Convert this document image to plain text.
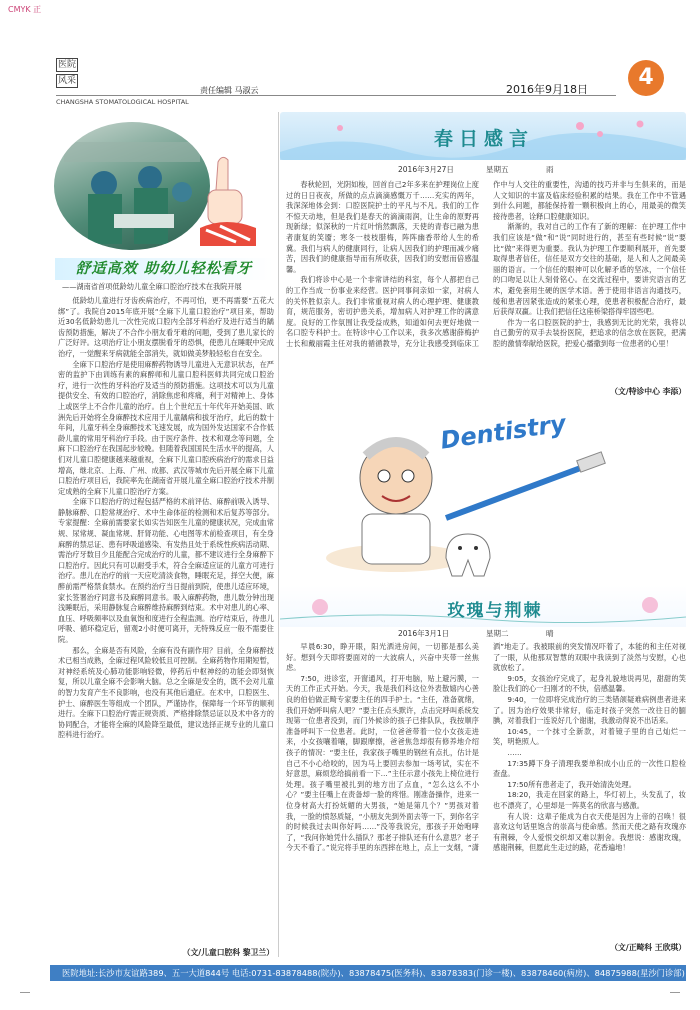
CMYK 正
医院
风采
CHANGSHA STOMATOLOGICAL HOSPITAL
责任编辑 马淑云	2016年9月18日	4
舒适高效 助幼儿轻松看牙
——湖南省首项低龄幼儿童全麻口腔治疗技术在我院开展

低龄幼儿童进行牙齿疾病治疗，不再可怕，更不再需要“五花大绑”了。我院自2015年底开展“全麻下儿童口腔治疗”项目来，帮助近30名低龄幼患儿一次性完成口腔内全部牙科治疗及进行适当的龋齿预防措施，解决了不合作小朋友看牙难的问题，受到了患儿家长的广泛好评。这项治疗让小朋友摆脱看牙的恐惧，使患儿在睡眠中完成治疗，一觉醒来牙病就能全部消失，就如做美梦般轻松自在安全。

全麻下口腔治疗是使用麻醉药物诱导儿童进入无意识状态，在严密的监护下由训练有素的麻醉师和儿童口腔科医师共同完成口腔治疗，进行一次性的牙科治疗及适当的预防措施。这项技术可以为儿童提供安全、有效的口腔治疗，消除焦虑和疼痛，利于对精神上、身体上或医学上不合作儿童的治疗。自上个世纪五十年代年开始美国、欧洲先后开始将全身麻醉技术应用于儿童龋病和拔牙治疗，此后的数十年间，儿童牙科全身麻醉技术飞速发展，成为国外发达国家不合作低龄儿童的常用牙科治疗手段。由于医疗条件、技术和观念等问题，全麻下口腔治疗在我国起步较晚。但随着我国国民生活水平的提高，人们对儿童口腔健康越来越重视，全麻下儿童口腔疾病治疗的需求日益增高，继北京、上海、广州、成都、武汉等城市先后开展全麻下儿童口腔治疗项目后，我院率先在湖南省开展儿童全麻口腔治疗技术并制定成熟的全麻下儿童口腔治疗方案。

全麻下口腔治疗的过程包括严格的术前评估、麻醉前吸入诱导、静脉麻醉、口腔常规治疗、术中生命体征的检测和术后复苏等部分。专家提醒：全麻前需要家长如实告知医生儿童的健康状况，完成血常规、尿常规、凝血常规、肝肾功能、心电图等术前检查项目，有全身麻醉的禁忌证、患有呼吸道感染、有发热且处于系统性疾病活动期、需治疗牙数目少且能配合完成治疗的儿童，都不建议进行全身麻醉下口腔治疗。因此只有可以耐受手术，符合全麻适应证的儿童方可进行治疗。患儿在治疗的前一天应吃清淡食物，睡眠充足，择空大便，麻醉前需严格禁食禁水。在预约治疗当日提前到院，使患儿适应环境，家长签署治疗同意书及麻醉同意书。吸入麻醉药物，患儿数分钟出现浅睡眠后，采用静脉复合麻醉维持麻醉到结束。术中对患儿的心率、血压、呼吸频率以及血氧饱和度进行全程监测。治疗结束后，待患儿呼吸、循环稳定后，留观2小时便可离开，无特殊反应一般不需要住院。

那么，全麻是否有风险，全麻有没有副作用？目前，全身麻醉技术已相当成熟，全麻过程风险较低且可控制。全麻药物作用期短暂，对神经系统及心肺功能影响轻微，停药后中枢神经的功能会即刻恢复，所以儿童全麻不会影响大脑。总之全麻是安全的，既不会对儿童的智力发育产生不良影响，也没有其他后遗症。在术中，口腔医生、护士、麻醉医生等组成一个团队，严谨协作，保障每一个环节的顺利进行。全麻下口腔治疗需正规资质、严格排除禁忌证以及术中各方的协同配合，才能将全麻的风险降至最低，建议选择正规专业的儿童口腔科进行治疗。

（文/儿童口腔科 黎卫兰）
春日感言
2016年3月27日	星期五	雨

春秋轮回，光阴如梭，回首自己2年多来在护理岗位上度过的日日夜夜，所做的点点滴滴感慨万千……充实的两年，我深深地体会到：口腔医院护士的平凡与不凡。我们的工作不惊天动地，但是我们是春天的滴滴雨润，让生命的原野再现新绿；似深秋的一片红叶悄然飘落，天使的青春已融为患者康复的笑靥；寒冬一枝枝腊梅，阵阵幽香带给人生的希冀。我们与病人的健康同行，让病人因我们的护理而减少痛苦，因我们的健康指导而有所收获，因我们的安慰而倍感温馨。

我们将诊中心是一个非常讲结的科室，每个人都把自己的工作当成一份事业来经营。医护同事间亲如一家，对病人的关怀胜似亲人。我们非常重视对病人的心理护理、健康教育，规范服务，密切护患关系，增加病人对护理工作的满意度。良好的工作氛围让我受益成熟，知道如何去更好地做一名口腔专科护士。在特诊中心工作以来，我多次感谢薛梅护士长和戴丽霞主任对我的循循教导，充分让我感受到临床工作中与人交往的重要性，沟通的技巧并非与生俱来的，而是人文知识的丰富及临床经验积累的结果。我在工作中不管遇到什么问题，都能保持着一颗积极向上的心，用最美的微笑接待患者，诠释口腔健康知识。

渐渐的，我对自己的工作有了新的理解：在护理工作中我们应该是“做”和“说”同时进行的，甚至有些时候“说”要比“做”来得更为重要。我认为护理工作要顺利展开，首先要取得患者信任，信任是双方交往的基础，是人和人之间最美丽的语言。一个信任的眼神可以化解矛盾的坚冰，一个信任的口吻足以让人刻骨铭心。在交流过程中，要讲究语言的艺术，避免套用生硬的医学术语。善于使用非语言沟通技巧，缓和患者因紧张造成的紧张心理，使患者积极配合治疗，最后获得双赢。让我们把信任这座桥梁搭得牢固些吧。

作为一名口腔医院的护士，我感到无比的光荣，我将以自己勤劳的双手去装扮医院，把追求的信念放在医院，把满腔的激情奉献给医院，把爱心播撒到每一位患者的心里！

（文/特诊中心 李添）
Dentistry
玫瑰与荆棘
2016年3月1日	星期二	晴

早晨6:30，睁开眼，阳光洒进房间，一切都是那么美好。想到今天即将要面对的一大波病人，兴奋中夹带一丝焦虑。

7:50，进诊室，开窗通风，打开电脑，贴上避污膜，一天的工作正式开始。今天，我是我们科这位外表散嬉内心善良的伯伯做正畸专家要主任的四手护士。“主任，准备就绪，我们开始呼叫病人吧？”要主任点头默许，点击完呼叫系统发现第一位患者没到，而门外候诊的孩子已排队队，我按顺序准备呼叫下一位患者。此时，一位爸爸带着一位小女孩走进来，小女孩嚷着嚷，脚跟摩擦，爸爸焦急却很有修养地介绍孩子的情况：“要主任，我家孩子嘴里的钢丝有点扎，估计是自己不小心给咬的，因为马上要回去参加一场考试，实在不好意思，麻烦您给搞前看一下…”主任示意小孩先上椅位进行处理。孩子嘴里被扎到的地方出了点血，“怎么这么不小心？”要主任嘴上在责备却一脸的疼惜。刚准备操作，进来一位身材高大打扮妩媚的大男孩，“她是第几个？”男孩对着我，一脸的愤怒质疑，“小朋友先到外面去等一下，到你名字的时候我过去叫你好吗……”没等我说完，那孩子开始咆哮了，“我问你她凭什么插队？那老子排队还有什么意思？老子今天不看了。”说完将手里的东西摔在地上，点上一支烟，“潇洒”地走了。我被眼前的突发情况吓着了，本能的和主任对视了一眼，从他那双智慧的双眼中我读到了淡然与安慰，心也就放松了。

9:05，女孩治疗完成了，起身礼貌地说再见，甜甜的笑脸让我们的心一扫刚才的不快，倍感温馨。

9:40，一位即将完成治疗的三类错颌疑难病例患者进来了。因为治疗效果非常好，临走时孩子突然一改往日的腼腆，对着我们一连说好几个谢谢，我激动得说不出话来。

10:45，一个抹寸全新款，对着镜子里的自己灿烂一笑，明艳照人。

……

17:35蹲下身子清理我要单积成小山丘的一次性口腔检查盘。

17:50所有患者走了，我开始清洗处理。

18:20，我走在回家的路上，华灯初上，头发乱了，妆也不漂亮了，心里却是一阵莫名的欣喜与感激。

有人说：这辈子能成为白衣天使是因为上帝的召唤！很喜欢这句话里饱含的崇高与使命感。然而天使之路有玫瑰亦有荆棘，令人爱恨交织却又难以割舍。我想说：感谢玫瑰，感谢荆棘，但愿此生走过的路，花香遍地！

（文/正畸科 王欣琪）
医院地址:长沙市友谊路389、五一大道844号 电话:0731-83878488(院办)、83878475(医务科)、83878383(门诊一楼)、83878460(病房)、84875988(星沙门诊部)
